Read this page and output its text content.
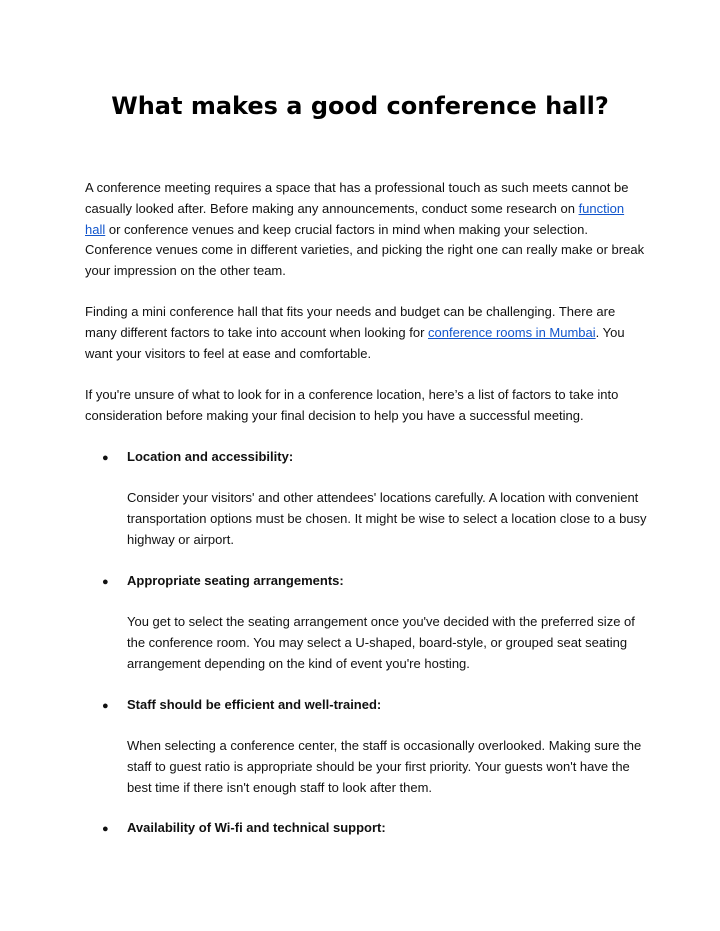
What makes a good conference hall?

A conference meeting requires a space that has a professional touch as such meets cannot be casually looked after. Before making any announcements, conduct some research on function hall or conference venues and keep crucial factors in mind when making your selection. Conference venues come in different varieties, and picking the right one can really make or break your impression on the other team.

Finding a mini conference hall that fits your needs and budget can be challenging. There are many different factors to take into account when looking for conference rooms in Mumbai. You want your visitors to feel at ease and comfortable.

If you're unsure of what to look for in a conference location, here’s a list of factors to take into consideration before making your final decision to help you have a successful meeting.

● Location and accessibility:

Consider your visitors' and other attendees' locations carefully. A location with convenient transportation options must be chosen. It might be wise to select a location close to a busy highway or airport.

● Appropriate seating arrangements:

You get to select the seating arrangement once you've decided with the preferred size of the conference room. You may select a U-shaped, board-style, or grouped seat seating arrangement depending on the kind of event you're hosting.

● Staff should be efficient and well-trained:

When selecting a conference center, the staff is occasionally overlooked. Making sure the staff to guest ratio is appropriate should be your first priority. Your guests won't have the best time if there isn't enough staff to look after them.

● Availability of Wi-fi and technical support:
